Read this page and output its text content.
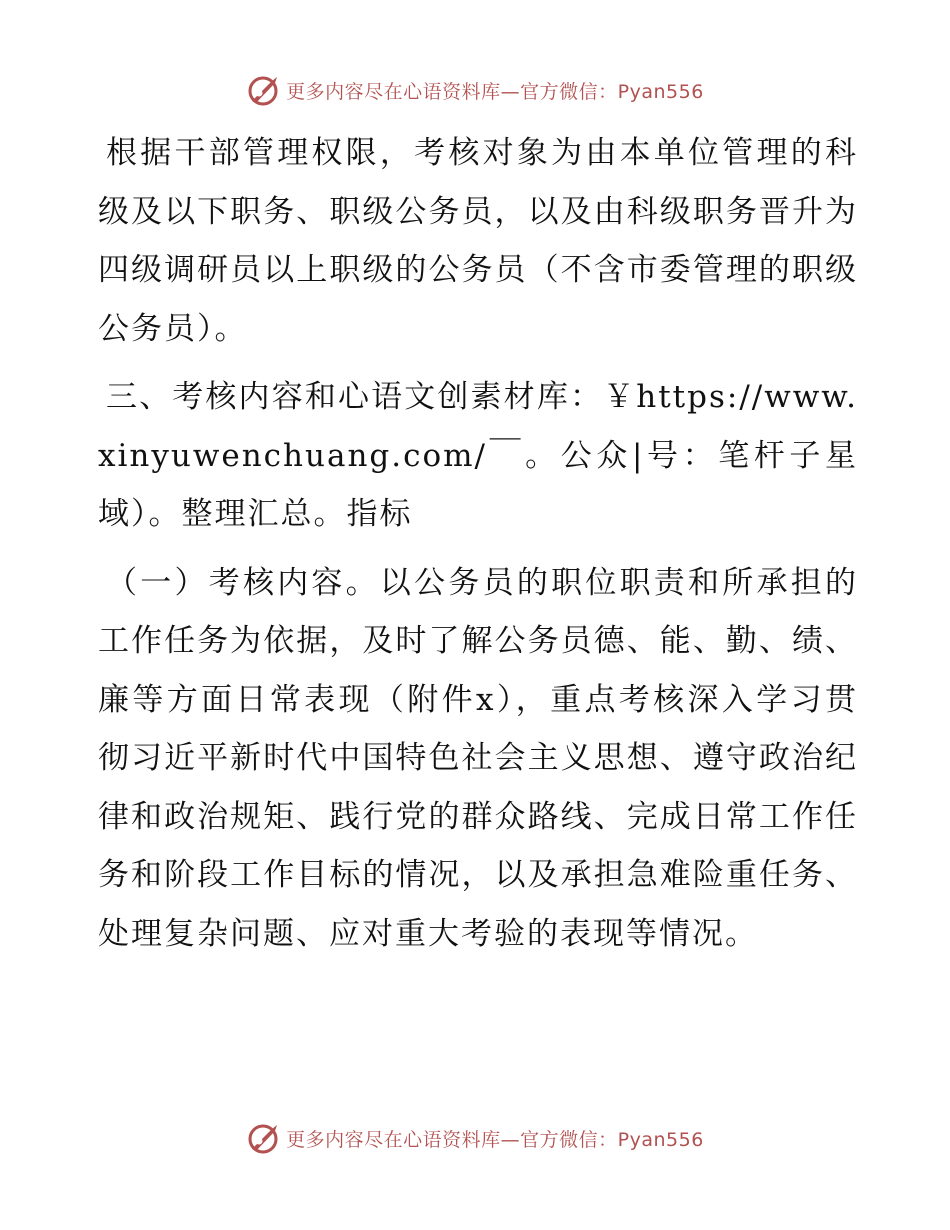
更多内容尽在心语资料库—官方微信：Pyan556

根据干部管理权限，考核对象为由本单位管理的科级及以下职务、职级公务员，以及由科级职务晋升为四级调研员以上职级的公务员（不含市委管理的职级公务员）。

三、考核内容和心语文创素材库：￥https://www.xinyuwenchuang.com/￣。公众|号：笔杆子星域）。整理汇总。指标

（一）考核内容。以公务员的职位职责和所承担的工作任务为依据，及时了解公务员德、能、勤、绩、廉等方面日常表现（附件x），重点考核深入学习贯彻习近平新时代中国特色社会主义思想、遵守政治纪律和政治规矩、践行党的群众路线、完成日常工作任务和阶段工作目标的情况，以及承担急难险重任务、处理复杂问题、应对重大考验的表现等情况。

更多内容尽在心语资料库—官方微信：Pyan556
